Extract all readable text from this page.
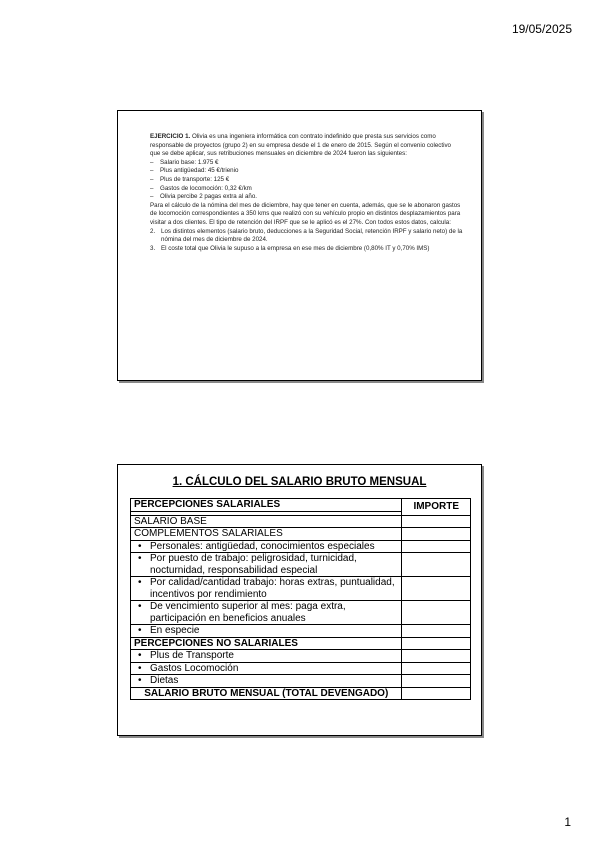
19/05/2025

EJERCICIO 1. Olivia es una ingeniera informática con contrato indefinido que presta sus servicios como responsable de proyectos (grupo 2) en su empresa desde el 1 de enero de 2015. Según el convenio colectivo que se debe aplicar, sus retribuciones mensuales en diciembre de 2024 fueron las siguientes:

– Salario base: 1.975 €
– Plus antigüedad: 45 €/trienio
– Plus de transporte: 125 €
– Gastos de locomoción: 0,32 €/km
– Olivia percibe 2 pagas extra al año.

Para el cálculo de la nómina del mes de diciembre, hay que tener en cuenta, además, que se le abonaron gastos de locomoción correspondientes a 350 kms que realizó con su vehículo propio en distintos desplazamientos para visitar a dos clientes. El tipo de retención del IRPF que se le aplicó es el 27%. Con todos estos datos, calcula:

2. Los distintos elementos (salario bruto, deducciones a la Seguridad Social, retención IRPF y salario neto) de la nómina del mes de diciembre de 2024.
3. El coste total que Olivia le supuso a la empresa en ese mes de diciembre (0,80% IT y 0,70% IMS)
1. CÁLCULO DEL SALARIO BRUTO MENSUAL
PERCEPCIONES SALARIALES	IMPORTE

SALARIO BASE	
COMPLEMENTOS SALARIALES	

• Personales: antigüedad, conocimientos especiales

• Por puesto de trabajo: peligrosidad, turnicidad, nocturnidad, responsabilidad especial

• Por calidad/cantidad trabajo: horas extras, puntualidad, incentivos por rendimiento

• De vencimiento superior al mes: paga extra, participación en beneficios anuales

• En especie

PERCEPCIONES NO SALARIALES	

• Plus de Transporte

• Gastos Locomoción

• Dietas

SALARIO BRUTO MENSUAL (TOTAL DEVENGADO)	
1
